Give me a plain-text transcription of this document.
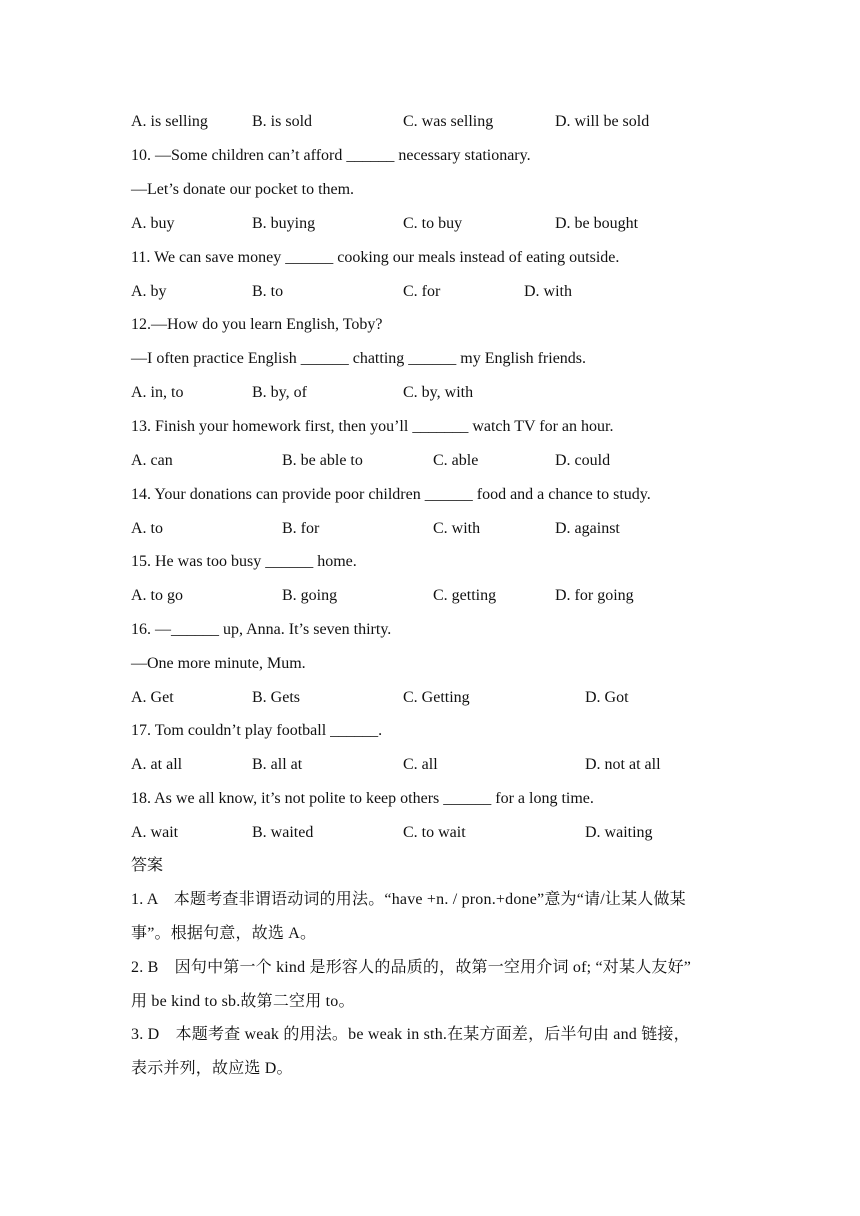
A. is selling	B. is sold	C. was selling	D. will be sold
10. —Some children can’t afford ______ necessary stationary.
—Let’s donate our pocket to them.
A. buy	B. buying	C. to buy	D. be bought
11. We can save money ______ cooking our meals instead of eating outside.
A. by	B. to	C. for	D. with
12.—How do you learn English, Toby?
—I often practice English ______ chatting ______ my English friends.
A. in, to	B. by, of	C. by, with
13. Finish your homework first, then you’ll _______ watch TV for an hour.
A. can	B. be able to	C. able	D. could
14. Your donations can provide poor children ______ food and a chance to study.
A. to	B. for	C. with	D. against
15. He was too busy ______ home.
A. to go	B. going	C. getting	D. for going
16. —______ up, Anna. It’s seven thirty.
—One more minute, Mum.
A. Get	B. Gets	C. Getting	D. Got
17. Tom couldn’t play football ______.
A. at all	B. all at	C. all	D. not at all
18. As we all know, it’s not polite to keep others ______ for a long time.
A. wait	B. waited	C. to wait	D. waiting
答案
1. A　本题考查非谓语动词的用法。“have +n. / pron.+done”意为“请/让某人做某
事”。根据句意，故选 A。
2. B　因句中第一个 kind 是形容人的品质的，故第一空用介词 of; “对某人友好”
用 be kind to sb.故第二空用 to。
3. D　本题考查 weak 的用法。be weak in sth.在某方面差，后半句由 and 链接，
表示并列，故应选 D。
